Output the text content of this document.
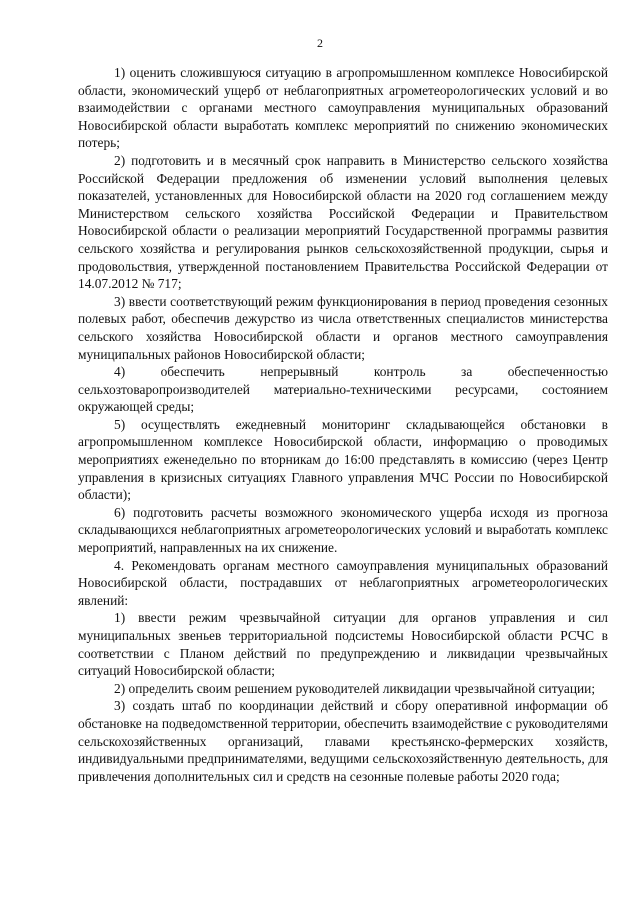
2

1) оценить сложившуюся ситуацию в агропромышленном комплексе Новосибирской области, экономический ущерб от неблагоприятных агрометеорологических условий и во взаимодействии с органами местного самоуправления муниципальных образований Новосибирской области выработать комплекс мероприятий по снижению экономических потерь;

2) подготовить и в месячный срок направить в Министерство сельского хозяйства Российской Федерации предложения об изменении условий выполнения целевых показателей, установленных для Новосибирской области на 2020 год соглашением между Министерством сельского хозяйства Российской Федерации и Правительством Новосибирской области о реализации мероприятий Государственной программы развития сельского хозяйства и регулирования рынков сельскохозяйственной продукции, сырья и продовольствия, утвержденной постановлением Правительства Российской Федерации от 14.07.2012 № 717;

3) ввести соответствующий режим функционирования в период проведения сезонных полевых работ, обеспечив дежурство из числа ответственных специалистов министерства сельского хозяйства Новосибирской области и органов местного самоуправления муниципальных районов Новосибирской области;

4) обеспечить непрерывный контроль за обеспеченностью сельхозтоваропроизводителей материально-техническими ресурсами, состоянием окружающей среды;

5) осуществлять ежедневный мониторинг складывающейся обстановки в агропромышленном комплексе Новосибирской области, информацию о проводимых мероприятиях еженедельно по вторникам до 16:00 представлять в комиссию (через Центр управления в кризисных ситуациях Главного управления МЧС России по Новосибирской области);

6) подготовить расчеты возможного экономического ущерба исходя из прогноза складывающихся неблагоприятных агрометеорологических условий и выработать комплекс мероприятий, направленных на их снижение.

4. Рекомендовать органам местного самоуправления муниципальных образований Новосибирской области, пострадавших от неблагоприятных агрометеорологических явлений:

1) ввести режим чрезвычайной ситуации для органов управления и сил муниципальных звеньев территориальной подсистемы Новосибирской области РСЧС в соответствии с Планом действий по предупреждению и ликвидации чрезвычайных ситуаций Новосибирской области;

2) определить своим решением руководителей ликвидации чрезвычайной ситуации;

3) создать штаб по координации действий и сбору оперативной информации об обстановке на подведомственной территории, обеспечить взаимодействие с руководителями сельскохозяйственных организаций, главами крестьянско-фермерских хозяйств, индивидуальными предпринимателями, ведущими сельскохозяйственную деятельность, для привлечения дополнительных сил и средств на сезонные полевые работы 2020 года;
